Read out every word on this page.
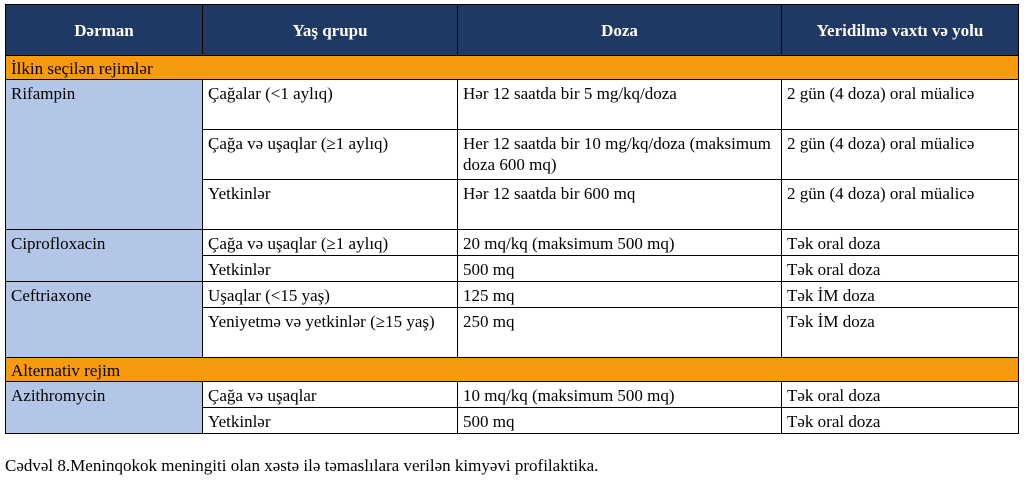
Dərman	Yaş qrupu	Doza	Yeridilmə vaxtı və yolu
İlkin seçilən rejimlər			
Rifampin	Çağalar (<1 aylıq)	Hər 12 saatda bir 5 mg/kq/doza	2 gün (4 doza) oral müalicə
	Çağa və uşaqlar (≥1 aylıq)	Her 12 saatda bir 10 mg/kq/doza (maksimum doza 600 mq)	2 gün (4 doza) oral müalicə
	Yetkinlər	Hər 12 saatda bir 600 mq	2 gün (4 doza) oral müalicə
Ciprofloxacin	Çağa və uşaqlar (≥1 aylıq)	20 mq/kq (maksimum 500 mq)	Tək oral doza
	Yetkinlər	500 mq	Tək oral doza
Ceftriaxone	Uşaqlar (<15 yaş)	125 mq	Tək İM doza
	Yeniyetmə və yetkinlər (≥15 yaş)	250 mq	Tək İM doza
Alternativ rejim			
Azithromycin	Çağa və uşaqlar	10 mq/kq (maksimum 500 mq)	Tək oral doza
	Yetkinlər	500 mq	Tək oral doza
Cədvəl 8.Meninqokok meningiti olan xəstə ilə təmaslılara verilən kimyəvi profilaktika.
